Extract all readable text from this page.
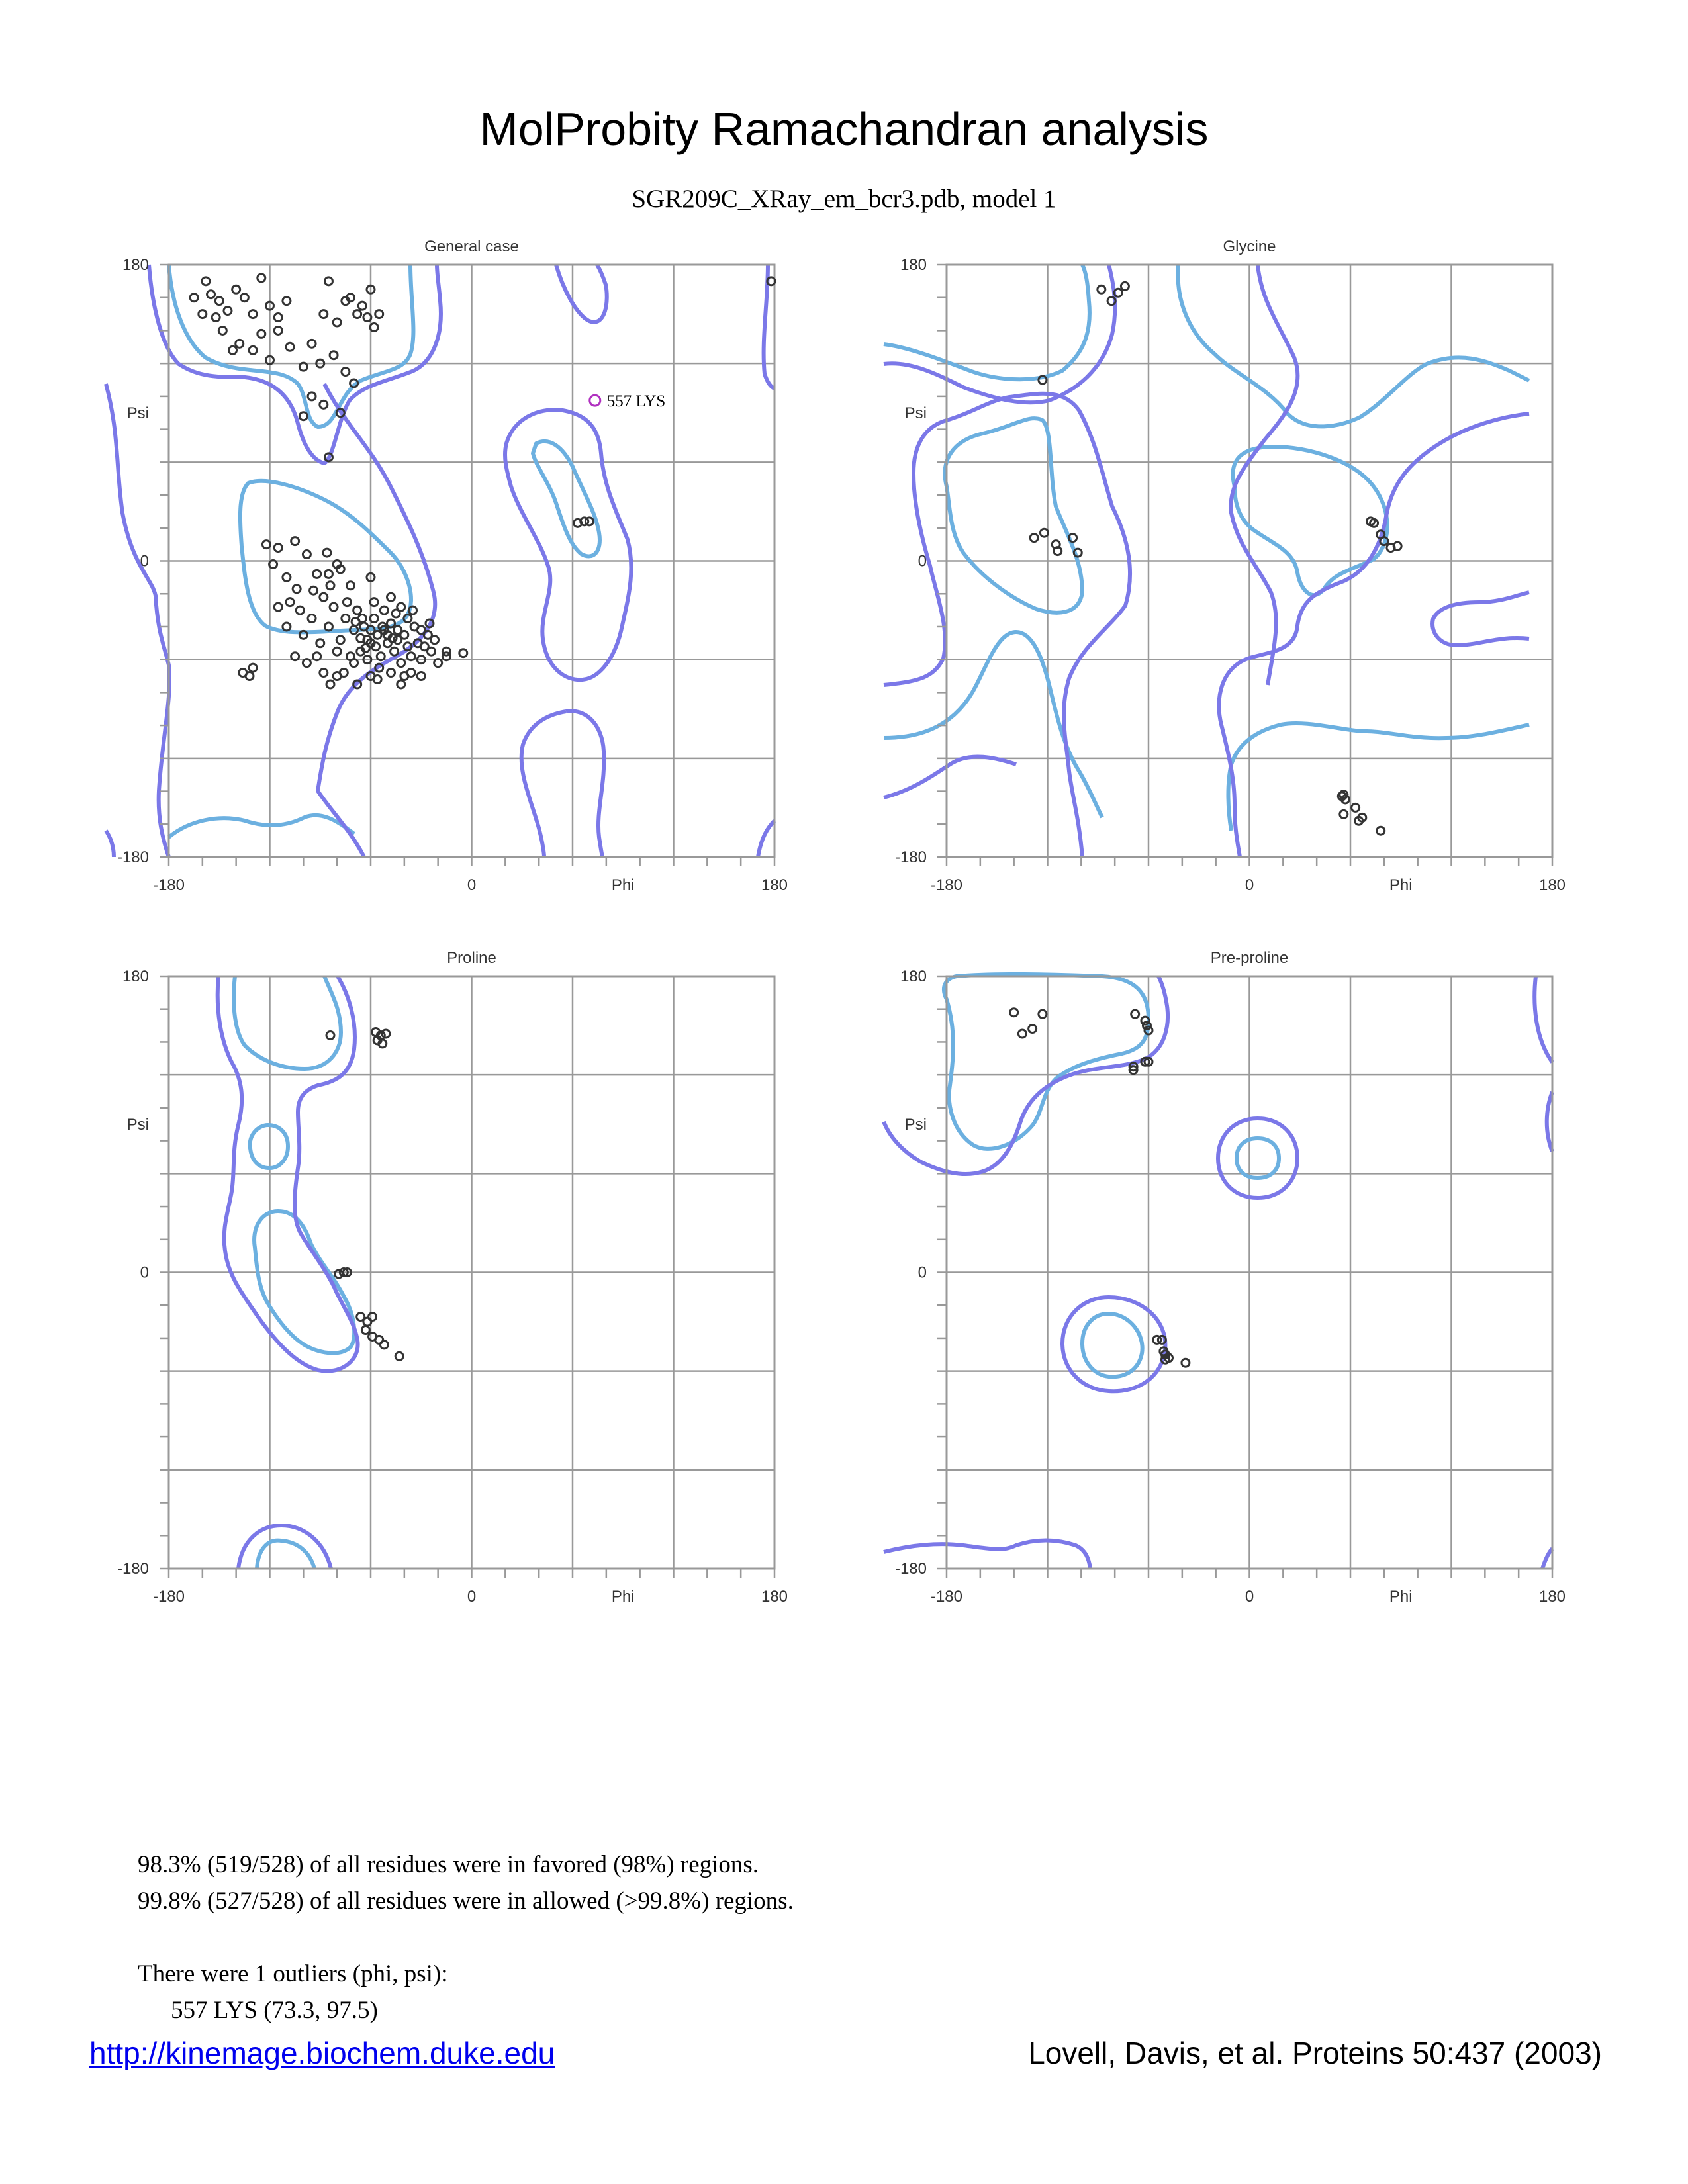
MolProbity Ramachandran analysis
SGR209C_XRay_em_bcr3.pdb, model 1
General case
-180	0	180
180
0
-180
Phi
Psi
557 LYS
Glycine
-180	0	180
180
0
-180
Phi
Psi
Proline
-180	0	180
180
0
-180
Phi
Psi
Pre-proline
-180	0	180
180
0
-180
Phi
Psi

98.3% (519/528) of all residues were in favored (98%) regions.

99.8% (527/528) of all residues were in allowed (>99.8%) regions.

There were 1 outliers (phi, psi):

557 LYS (73.3, 97.5)

http://kinemage.biochem.duke.edu	Lovell, Davis, et al. Proteins 50:437 (2003)
